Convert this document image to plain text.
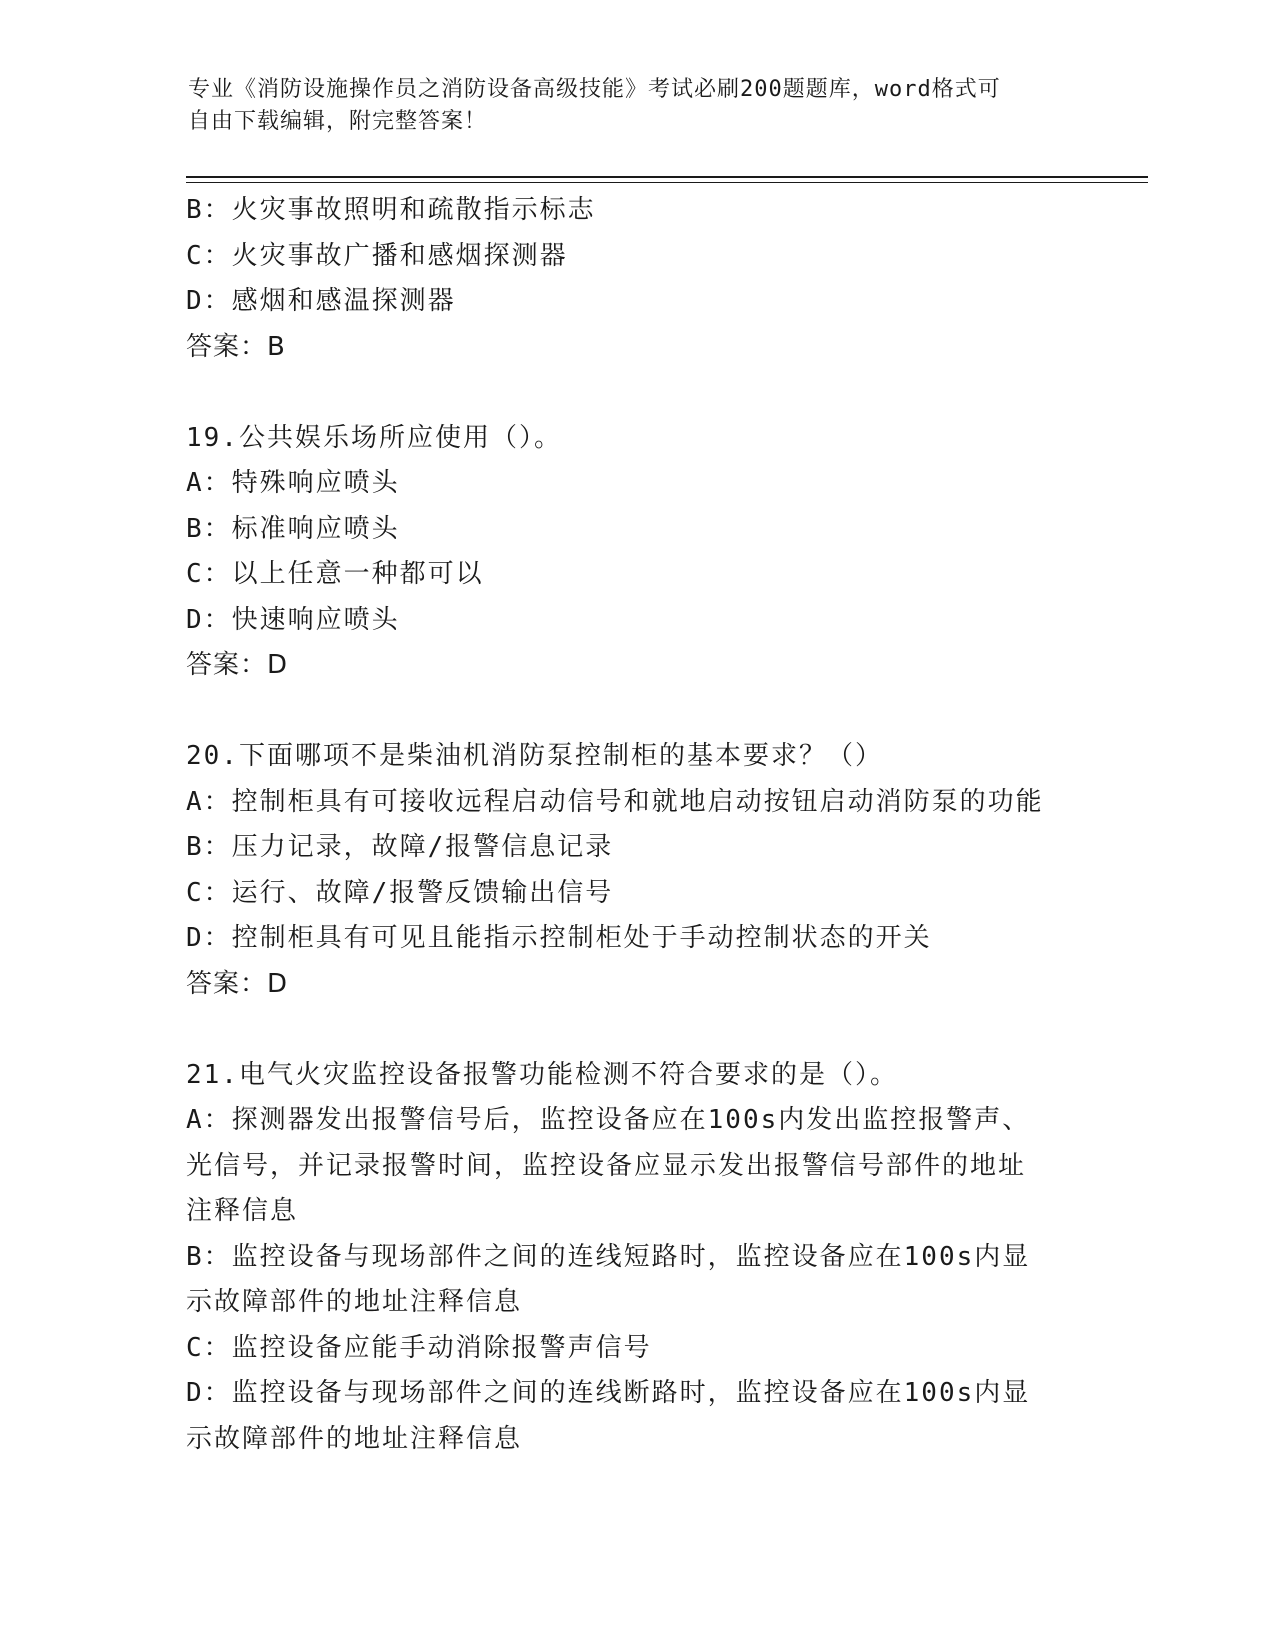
专业《消防设施操作员之消防设备高级技能》考试必刷200题题库，word格式可
自由下载编辑，附完整答案！
B：火灾事故照明和疏散指示标志
C：火灾事故广播和感烟探测器
D：感烟和感温探测器
答案：B
19.公共娱乐场所应使用（）。
A：特殊响应喷头
B：标准响应喷头
C：以上任意一种都可以
D：快速响应喷头
答案：D
20.下面哪项不是柴油机消防泵控制柜的基本要求？（）
A：控制柜具有可接收远程启动信号和就地启动按钮启动消防泵的功能
B：压力记录，故障/报警信息记录
C：运行、故障/报警反馈输出信号
D：控制柜具有可见且能指示控制柜处于手动控制状态的开关
答案：D
21.电气火灾监控设备报警功能检测不符合要求的是（）。
A：探测器发出报警信号后，监控设备应在100s内发出监控报警声、
光信号，并记录报警时间，监控设备应显示发出报警信号部件的地址
注释信息
B：监控设备与现场部件之间的连线短路时，监控设备应在100s内显
示故障部件的地址注释信息
C：监控设备应能手动消除报警声信号
D：监控设备与现场部件之间的连线断路时，监控设备应在100s内显
示故障部件的地址注释信息
